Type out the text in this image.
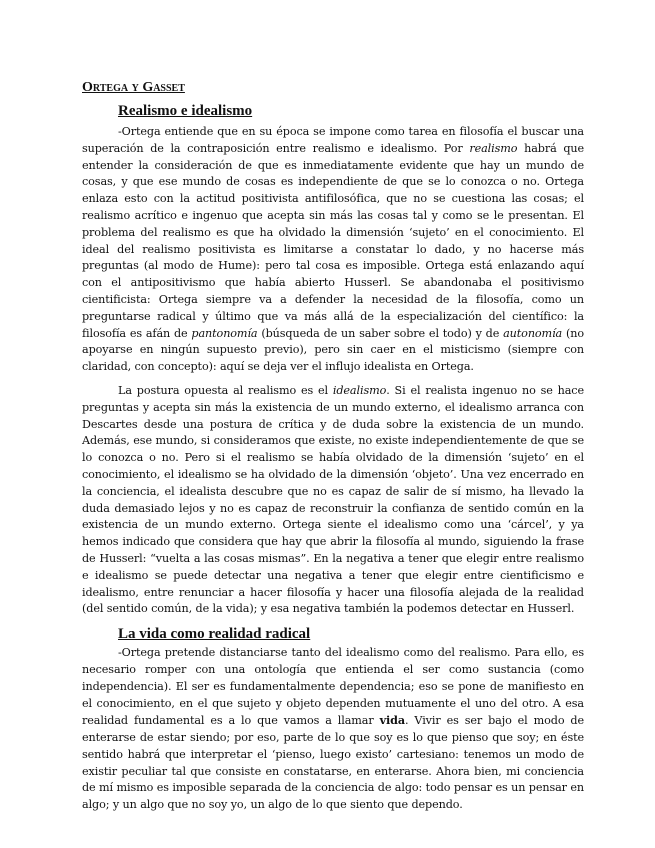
Ortega y Gasset
Realismo e idealismo

-Ortega entiende que en su época se impone como tarea en filosofía el buscar una superación de la contraposición entre realismo e idealismo. Por realismo habrá que entender la consideración de que es inmediatamente evidente que hay un mundo de cosas, y que ese mundo de cosas es independiente de que se lo conozca o no. Ortega enlaza esto con la actitud positivista antifilosófica, que no se cuestiona las cosas; el realismo acrítico e ingenuo que acepta sin más las cosas tal y como se le presentan. El problema del realismo es que ha olvidado la dimensión ‘sujeto’ en el conocimiento. El ideal del realismo positivista es limitarse a constatar lo dado, y no hacerse más preguntas (al modo de Hume): pero tal cosa es imposible. Ortega está enlazando aquí con el antipositivismo que había abierto Husserl. Se abandonaba el positivismo cientificista: Ortega siempre va a defender la necesidad de la filosofía, como un preguntarse radical y último que va más allá de la especialización del científico: la filosofía es afán de pantonomía (búsqueda de un saber sobre el todo) y de autonomía (no apoyarse en ningún supuesto previo), pero sin caer en el misticismo (siempre con claridad, con concepto): aquí se deja ver el influjo idealista en Ortega.

La postura opuesta al realismo es el idealismo. Si el realista ingenuo no se hace preguntas y acepta sin más la existencia de un mundo externo, el idealismo arranca con Descartes desde una postura de crítica y de duda sobre la existencia de un mundo. Además, ese mundo, si consideramos que existe, no existe independientemente de que se lo conozca o no. Pero si el realismo se había olvidado de la dimensión ‘sujeto’ en el conocimiento, el idealismo se ha olvidado de la dimensión ‘objeto’. Una vez encerrado en la conciencia, el idealista descubre que no es capaz de salir de sí mismo, ha llevado la duda demasiado lejos y no es capaz de reconstruir la confianza de sentido común en la existencia de un mundo externo. Ortega siente el idealismo como una ‘cárcel’, y ya hemos indicado que considera que hay que abrir la filosofía al mundo, siguiendo la frase de Husserl: “vuelta a las cosas mismas”. En la negativa a tener que elegir entre realismo e idealismo se puede detectar una negativa a tener que elegir entre cientificismo e idealismo, entre renunciar a hacer filosofía y hacer una filosofía alejada de la realidad (del sentido común, de la vida); y esa negativa también la podemos detectar en Husserl.

La vida como realidad radical

-Ortega pretende distanciarse tanto del idealismo como del realismo. Para ello, es necesario romper con una ontología que entienda el ser como sustancia (como independencia). El ser es fundamentalmente dependencia; eso se pone de manifiesto en el conocimiento, en el que sujeto y objeto dependen mutuamente el uno del otro. A esa realidad fundamental es a lo que vamos a llamar vida. Vivir es ser bajo el modo de enterarse de estar siendo; por eso, parte de lo que soy es lo que pienso que soy; en éste sentido habrá que interpretar el ‘pienso, luego existo’ cartesiano: tenemos un modo de existir peculiar tal que consiste en constatarse, en enterarse. Ahora bien, mi conciencia de mí mismo es imposible separada de la conciencia de algo: todo pensar es un pensar en algo; y un algo que no soy yo, un algo de lo que siento que dependo.
